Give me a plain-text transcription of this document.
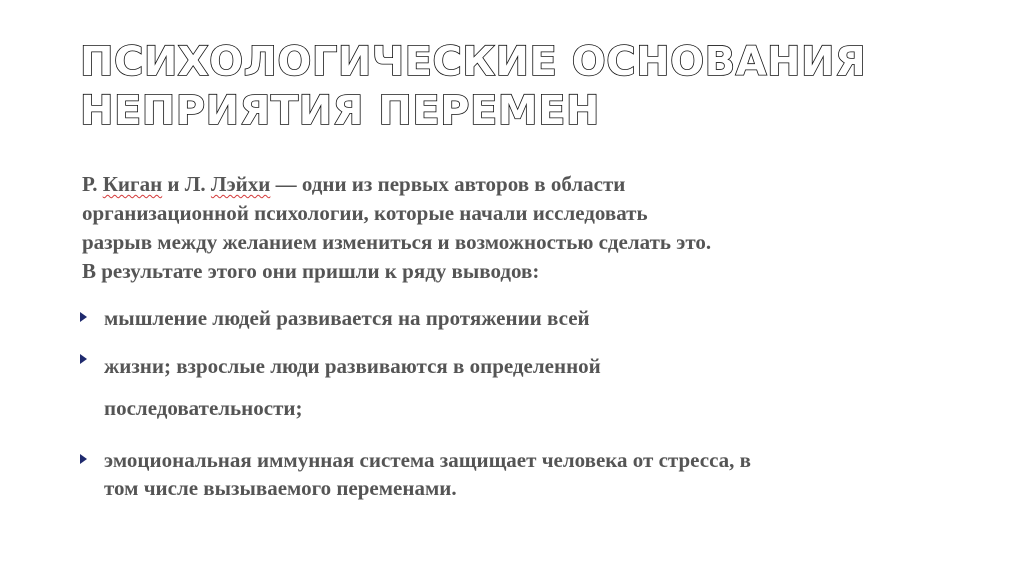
ПСИХОЛОГИЧЕСКИЕ ОСНОВАНИЯ
НЕПРИЯТИЯ ПЕРЕМЕН

Р. Киган и Л. Лэйхи — одни из первых авторов в области
организационной психологии, которые начали исследовать
разрыв между желанием измениться и возможностью сделать это.
В результате этого они пришли к ряду выводов:

мышление людей развивается на протяжении всей
жизни; взрослые люди развиваются в определенной
последовательности;
эмоциональная иммунная система защищает человека от стресса, в
том числе вызываемого переменами.
